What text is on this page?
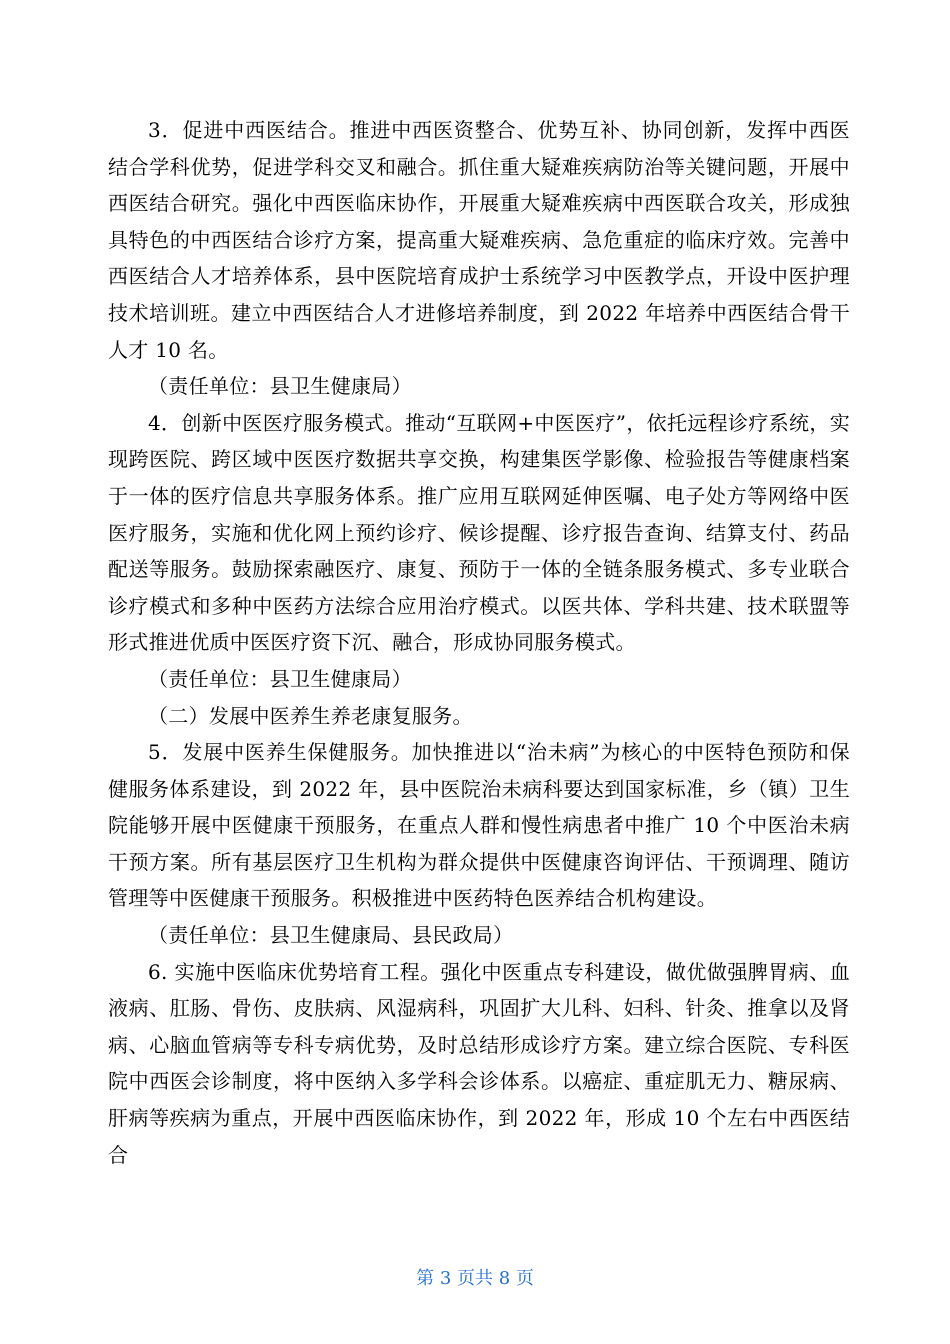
3．促进中西医结合。推进中西医资整合、优势互补、协同创新，发挥中西医结合学科优势，促进学科交叉和融合。抓住重大疑难疾病防治等关键问题，开展中西医结合研究。强化中西医临床协作，开展重大疑难疾病中西医联合攻关，形成独具特色的中西医结合诊疗方案，提高重大疑难疾病、急危重症的临床疗效。完善中西医结合人才培养体系，县中医院培育成护士系统学习中医教学点，开设中医护理技术培训班。建立中西医结合人才进修培养制度，到 2022 年培养中西医结合骨干人才 10 名。

（责任单位：县卫生健康局）

4．创新中医医疗服务模式。推动“互联网+中医医疗”，依托远程诊疗系统，实现跨医院、跨区域中医医疗数据共享交换，构建集医学影像、检验报告等健康档案于一体的医疗信息共享服务体系。推广应用互联网延伸医嘱、电子处方等网络中医医疗服务，实施和优化网上预约诊疗、候诊提醒、诊疗报告查询、结算支付、药品配送等服务。鼓励探索融医疗、康复、预防于一体的全链条服务模式、多专业联合诊疗模式和多种中医药方法综合应用治疗模式。以医共体、学科共建、技术联盟等形式推进优质中医医疗资下沉、融合，形成协同服务模式。

（责任单位：县卫生健康局）

（二）发展中医养生养老康复服务。

5．发展中医养生保健服务。加快推进以“治未病”为核心的中医特色预防和保健服务体系建设，到 2022 年，县中医院治未病科要达到国家标准，乡（镇）卫生院能够开展中医健康干预服务，在重点人群和慢性病患者中推广 10 个中医治未病干预方案。所有基层医疗卫生机构为群众提供中医健康咨询评估、干预调理、随访管理等中医健康干预服务。积极推进中医药特色医养结合机构建设。

（责任单位：县卫生健康局、县民政局）

6. 实施中医临床优势培育工程。强化中医重点专科建设，做优做强脾胃病、血液病、肛肠、骨伤、皮肤病、风湿病科，巩固扩大儿科、妇科、针灸、推拿以及肾病、心脑血管病等专科专病优势，及时总结形成诊疗方案。建立综合医院、专科医院中西医会诊制度，将中医纳入多学科会诊体系。以癌症、重症肌无力、糖尿病、肝病等疾病为重点，开展中西医临床协作，到 2022 年，形成 10 个左右中西医结合

第 3 页共 8 页
